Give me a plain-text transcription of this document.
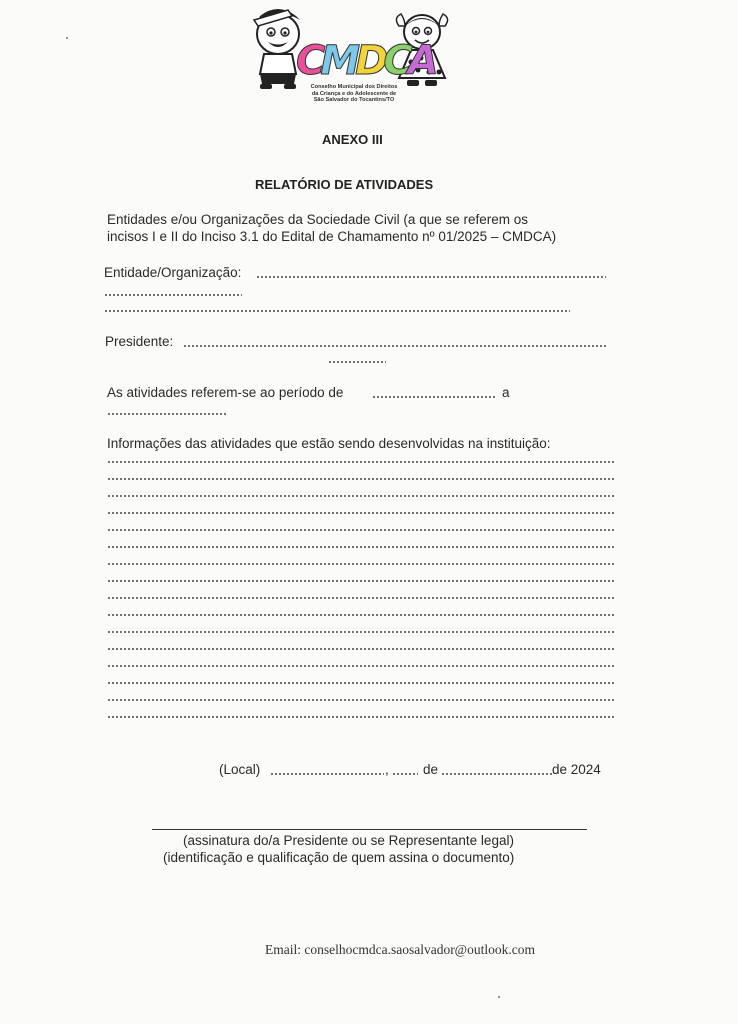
CMDCA
Conselho Municipal dos Direitos
da Criança e do Adolescente de
São Salvador do Tocantins/TO
ANEXO III
RELATÓRIO DE ATIVIDADES
Entidades e/ou Organizações da Sociedade Civil (a que se referem os
incisos I e II do Inciso 3.1 do Edital de Chamamento nº 01/2025 – CMDCA)
Entidade/Organização:
Presidente:
As atividades referem-se ao período de	a
Informações das atividades que estão sendo desenvolvidas na instituição:
(Local)	,	de	de 2024
(assinatura do/a Presidente ou se Representante legal)
(identificação e qualificação de quem assina o documento)
Email: conselhocmdca.saosalvador@outlook.com
